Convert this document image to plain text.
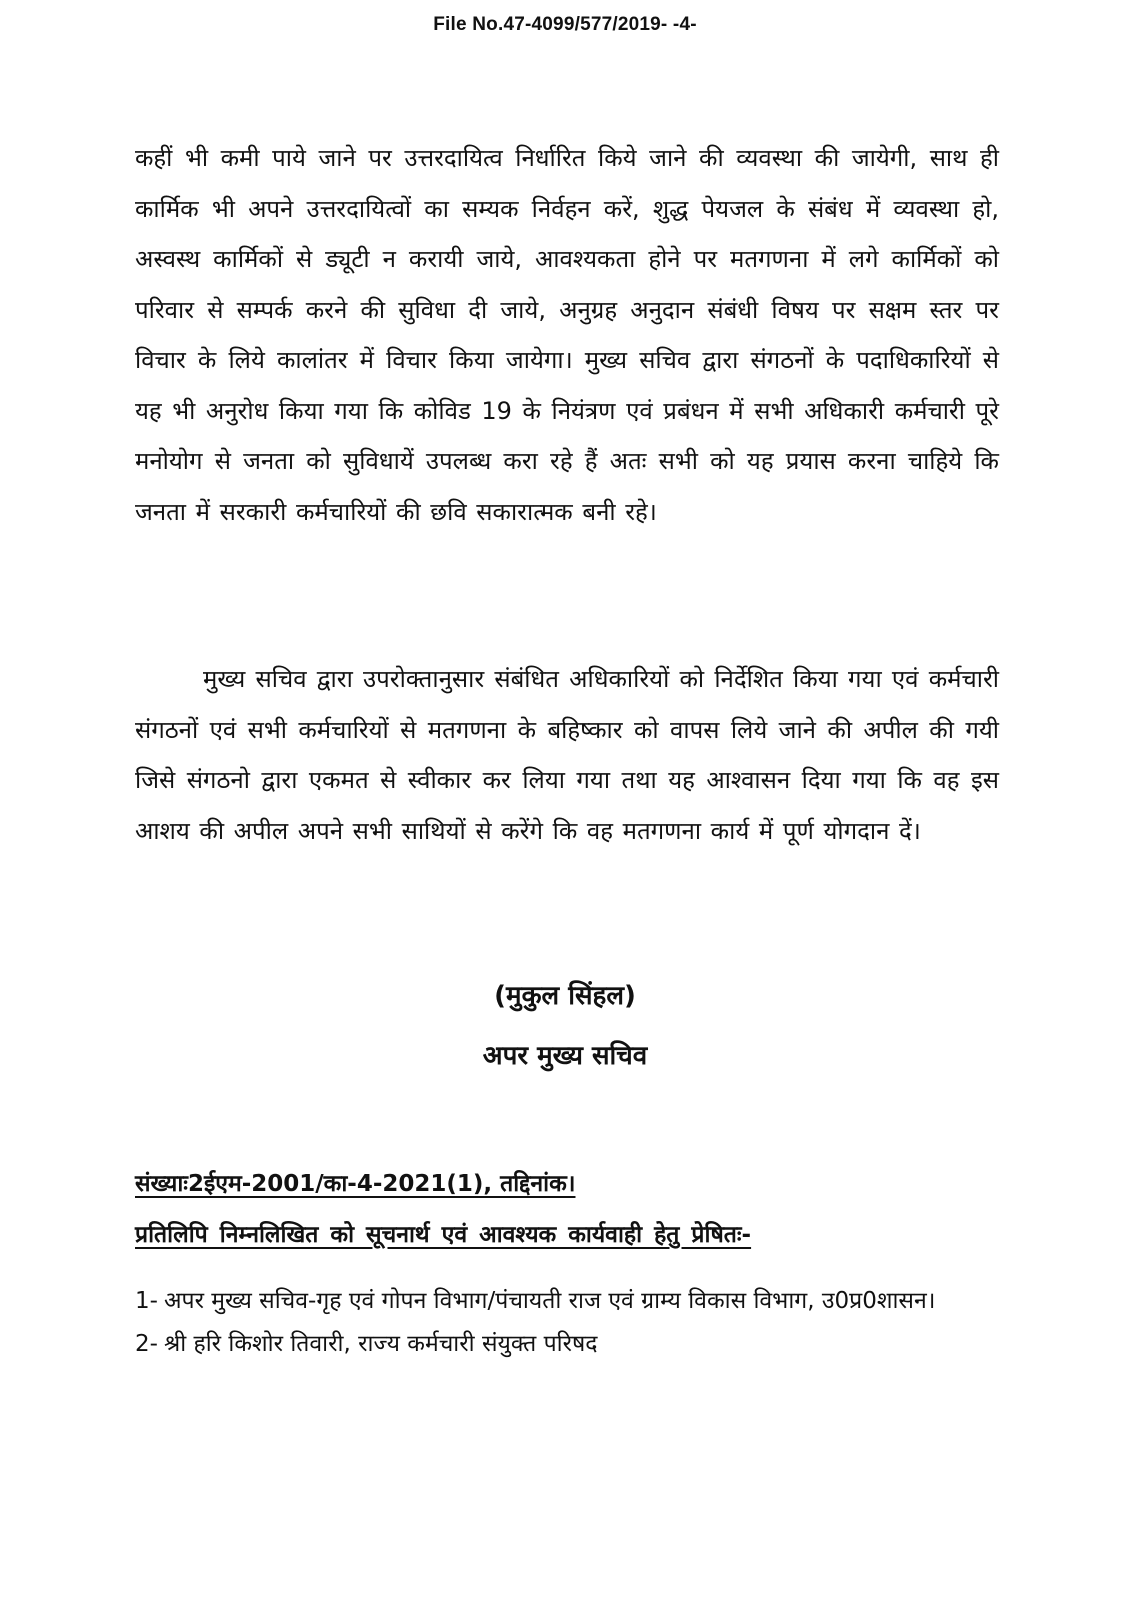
File No.47-4099/577/2019- -4-

कहीं भी कमी पाये जाने पर उत्तरदायित्व निर्धारित किये जाने की व्यवस्था की जायेगी, साथ ही कार्मिक भी अपने उत्तरदायित्वों का सम्यक निर्वहन करें, शुद्ध पेयजल के संबंध में व्यवस्था हो, अस्वस्थ कार्मिकों से ड्यूटी न करायी जाये, आवश्यकता होने पर मतगणना में लगे कार्मिकों को परिवार से सम्पर्क करने की सुविधा दी जाये, अनुग्रह अनुदान संबंधी विषय पर सक्षम स्तर पर विचार के लिये कालांतर में विचार किया जायेगा। मुख्य सचिव द्वारा संगठनों के पदाधिकारियों से यह भी अनुरोध किया गया कि कोविड 19 के नियंत्रण एवं प्रबंधन में सभी अधिकारी कर्मचारी पूरे मनोयोग से जनता को सुविधायें उपलब्ध करा रहे हैं अतः सभी को यह प्रयास करना चाहिये कि जनता में सरकारी कर्मचारियों की छवि सकारात्मक बनी रहे।

मुख्य सचिव द्वारा उपरोक्तानुसार संबंधित अधिकारियों को निर्देशित किया गया एवं कर्मचारी संगठनों एवं सभी कर्मचारियों से मतगणना के बहिष्कार को वापस लिये जाने की अपील की गयी जिसे संगठनो द्वारा एकमत से स्वीकार कर लिया गया तथा यह आश्वासन दिया गया कि वह इस आशय की अपील अपने सभी साथियों से करेंगे कि वह मतगणना कार्य में पूर्ण योगदान दें।

(मुकुल सिंहल)
अपर मुख्य सचिव
संख्याः2ईएम-2001/का-4-2021(1), तद्दिनांक।
प्रतिलिपि निम्नलिखित को सूचनार्थ एवं आवश्यक कार्यवाही हेतु प्रेषितः-

1- अपर मुख्य सचिव-गृह एवं गोपन विभाग/पंचायती राज एवं ग्राम्य विकास विभाग, उ0प्र0शासन।

2- श्री हरि किशोर तिवारी, राज्य कर्मचारी संयुक्त परिषद
